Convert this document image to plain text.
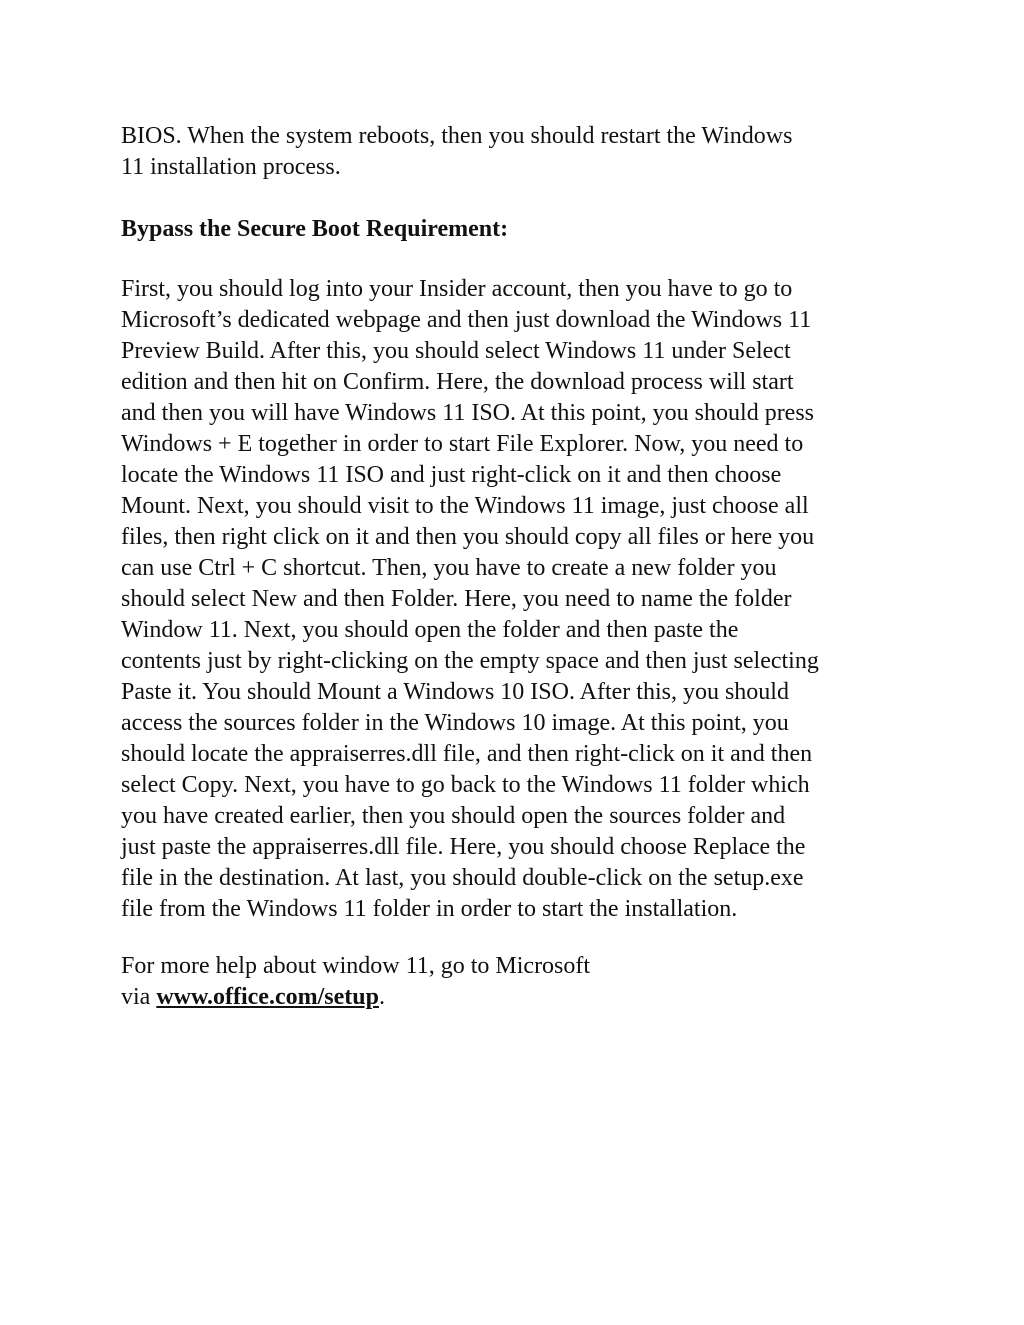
BIOS. When the system reboots, then you should restart the Windows
11 installation process.

Bypass the Secure Boot Requirement:

First, you should log into your Insider account, then you have to go to
Microsoft’s dedicated webpage and then just download the Windows 11
Preview Build. After this, you should select Windows 11 under Select
edition and then hit on Confirm. Here, the download process will start
and then you will have Windows 11 ISO. At this point, you should press
Windows + E together in order to start File Explorer. Now, you need to
locate the Windows 11 ISO and just right-click on it and then choose
Mount. Next, you should visit to the Windows 11 image, just choose all
files, then right click on it and then you should copy all files or here you
can use Ctrl + C shortcut. Then, you have to create a new folder you
should select New and then Folder. Here, you need to name the folder
Window 11. Next, you should open the folder and then paste the
contents just by right-clicking on the empty space and then just selecting
Paste it. You should Mount a Windows 10 ISO. After this, you should
access the sources folder in the Windows 10 image. At this point, you
should locate the appraiserres.dll file, and then right-click on it and then
select Copy. Next, you have to go back to the Windows 11 folder which
you have created earlier, then you should open the sources folder and
just paste the appraiserres.dll file. Here, you should choose Replace the
file in the destination. At last, you should double-click on the setup.exe
file from the Windows 11 folder in order to start the installation.

For more help about window 11, go to Microsoft
via www.office.com/setup.
